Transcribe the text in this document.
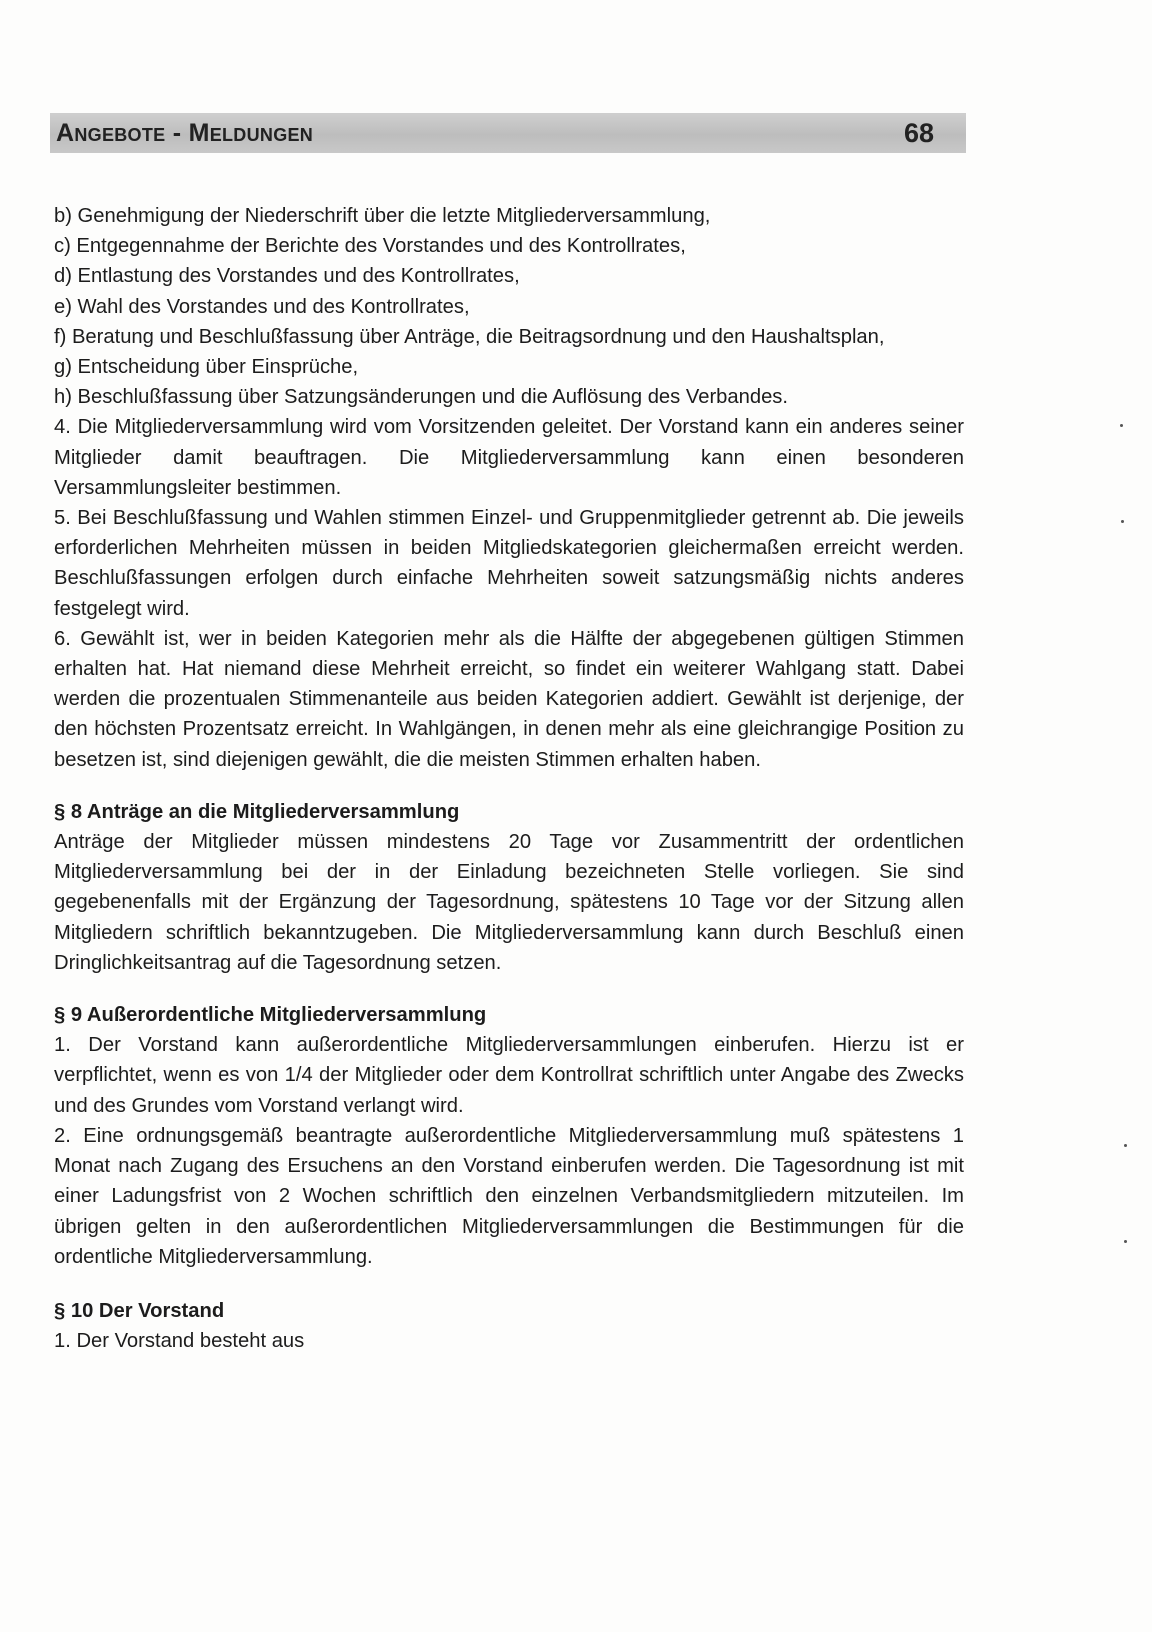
Angebote - Meldungen	68

b) Genehmigung der Niederschrift über die letzte Mitgliederversammlung,

c) Entgegennahme der Berichte des Vorstandes und des Kontrollrates,

d) Entlastung des Vorstandes und des Kontrollrates,

e) Wahl des Vorstandes und des Kontrollrates,

f) Beratung und Beschlußfassung über Anträge, die Beitragsordnung und den Haushaltsplan,

g) Entscheidung über Einsprüche,

h) Beschlußfassung über Satzungsänderungen und die Auflösung des Verbandes.

4. Die Mitgliederversammlung wird vom Vorsitzenden geleitet. Der Vorstand kann ein anderes seiner Mitglieder damit beauftragen. Die Mitgliederversammlung kann einen besonderen Versammlungsleiter bestimmen.

5. Bei Beschlußfassung und Wahlen stimmen Einzel- und Gruppenmitglieder getrennt ab. Die jeweils erforderlichen Mehrheiten müssen in beiden Mitgliedskategorien gleichermaßen erreicht werden. Beschlußfassungen erfolgen durch einfache Mehrheiten soweit satzungsmäßig nichts anderes festgelegt wird.

6. Gewählt ist, wer in beiden Kategorien mehr als die Hälfte der abgegebenen gültigen Stimmen erhalten hat. Hat niemand diese Mehrheit erreicht, so findet ein weiterer Wahlgang statt. Dabei werden die prozentualen Stimmenanteile aus beiden Kategorien addiert. Gewählt ist derjenige, der den höchsten Prozentsatz erreicht. In Wahlgängen, in denen mehr als eine gleichrangige Position zu besetzen ist, sind diejenigen gewählt, die die meisten Stimmen erhalten haben.

§ 8 Anträge an die Mitgliederversammlung

Anträge der Mitglieder müssen mindestens 20 Tage vor Zusammentritt der ordentlichen Mitgliederversammlung bei der in der Einladung bezeichneten Stelle vorliegen. Sie sind gegebenenfalls mit der Ergänzung der Tagesordnung, spätestens 10 Tage vor der Sitzung allen Mitgliedern schriftlich bekanntzugeben. Die Mitgliederversammlung kann durch Beschluß einen Dringlichkeitsantrag auf die Tagesordnung setzen.

§ 9 Außerordentliche Mitgliederversammlung

1. Der Vorstand kann außerordentliche Mitgliederversammlungen einberufen. Hierzu ist er verpflichtet, wenn es von 1/4 der Mitglieder oder dem Kontrollrat schriftlich unter Angabe des Zwecks und des Grundes vom Vorstand verlangt wird.

2. Eine ordnungsgemäß beantragte außerordentliche Mitgliederversammlung muß spätestens 1 Monat nach Zugang des Ersuchens an den Vorstand einberufen werden. Die Tagesordnung ist mit einer Ladungsfrist von 2 Wochen schriftlich den einzelnen Verbandsmitgliedern mitzuteilen. Im übrigen gelten in den außerordentlichen Mitgliederversammlungen die Bestimmungen für die ordentliche Mitgliederversammlung.

§ 10 Der Vorstand

1. Der Vorstand besteht aus
